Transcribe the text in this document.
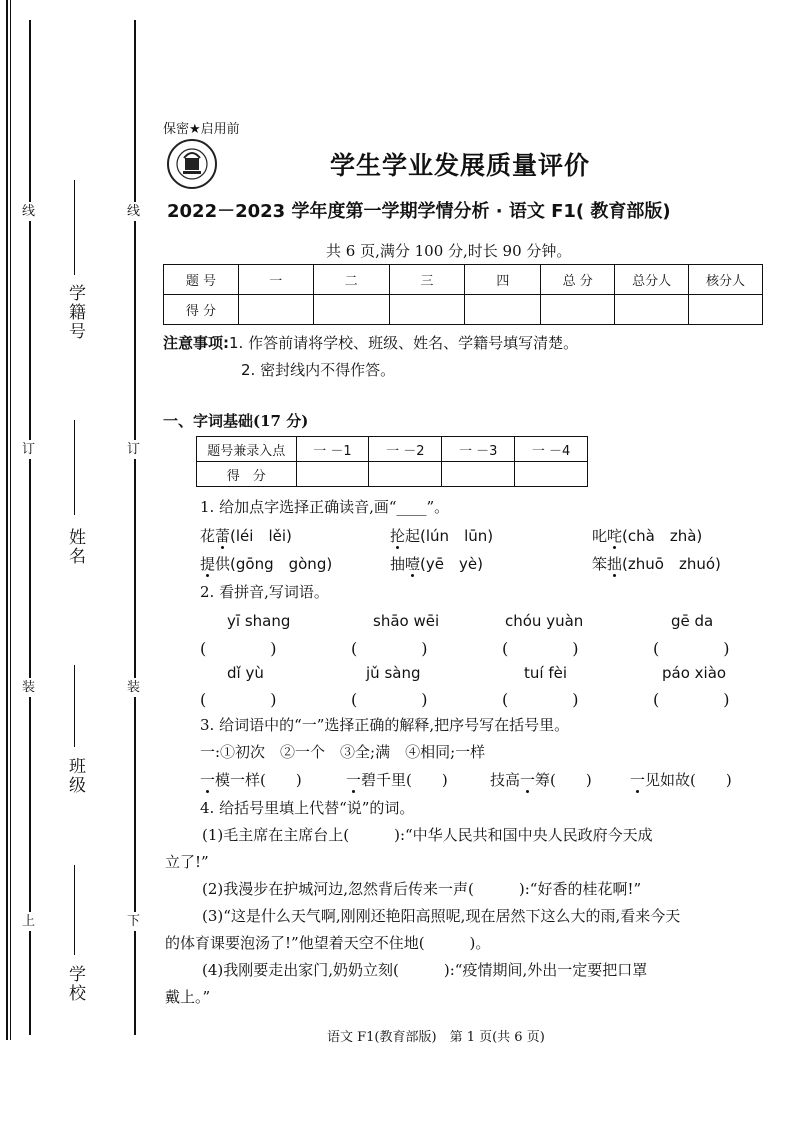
线
订
装
上
线
订
装
下
学籍号
姓名
班级
学校
保密★启用前
学生学业发展质量评价
2022－2023 学年度第一学期学情分析 · 语文 F1( 教育部版)
共 6 页,满分 100 分,时长 90 分钟。
题 号	一	二	三	四	总 分	总分人	核分人
得 分							
注意事项:1. 作答前请将学校、班级、姓名、学籍号填写清楚。
2. 密封线内不得作答。
一、字词基础(17 分)
题号兼录入点	一 －1	一 －2	一 －3	一 －4
得　分				
1. 给加点字选择正确读音,画“____”。
花蕾(léi　lěi)	抡起(lún　lūn)	叱咤(chà　zhà)
提供(gōng　gòng)	抽噎(yē　yè)	笨拙(zhuō　zhuó)
2. 看拼音,写词语。
yī shang	shāo wēi	chóu yuàn	gē da
(　　　　)	(　　　　)	(　　　　)	(　　　　)
dǐ yù	jǔ sàng	tuí fèi	páo xiào
(　　　　)	(　　　　)	(　　　　)	(　　　　)
3. 给词语中的“一”选择正确的解释,把序号写在括号里。
一:①初次　②一个　③全;满　④相同;一样
一模一样(　　)	一碧千里(　　)	技高一筹(　　)	一见如故(　　)
4. 给括号里填上代替“说”的词。
(1)毛主席在主席台上(　　　):“中华人民共和国中央人民政府今天成
立了!”
(2)我漫步在护城河边,忽然背后传来一声(　　　):“好香的桂花啊!”
(3)“这是什么天气啊,刚刚还艳阳高照呢,现在居然下这么大的雨,看来今天
的体育课要泡汤了!”他望着天空不住地(　　　)。
(4)我刚要走出家门,奶奶立刻(　　　):“疫情期间,外出一定要把口罩
戴上。”
语文 F1(教育部版)　第 1 页(共 6 页)
